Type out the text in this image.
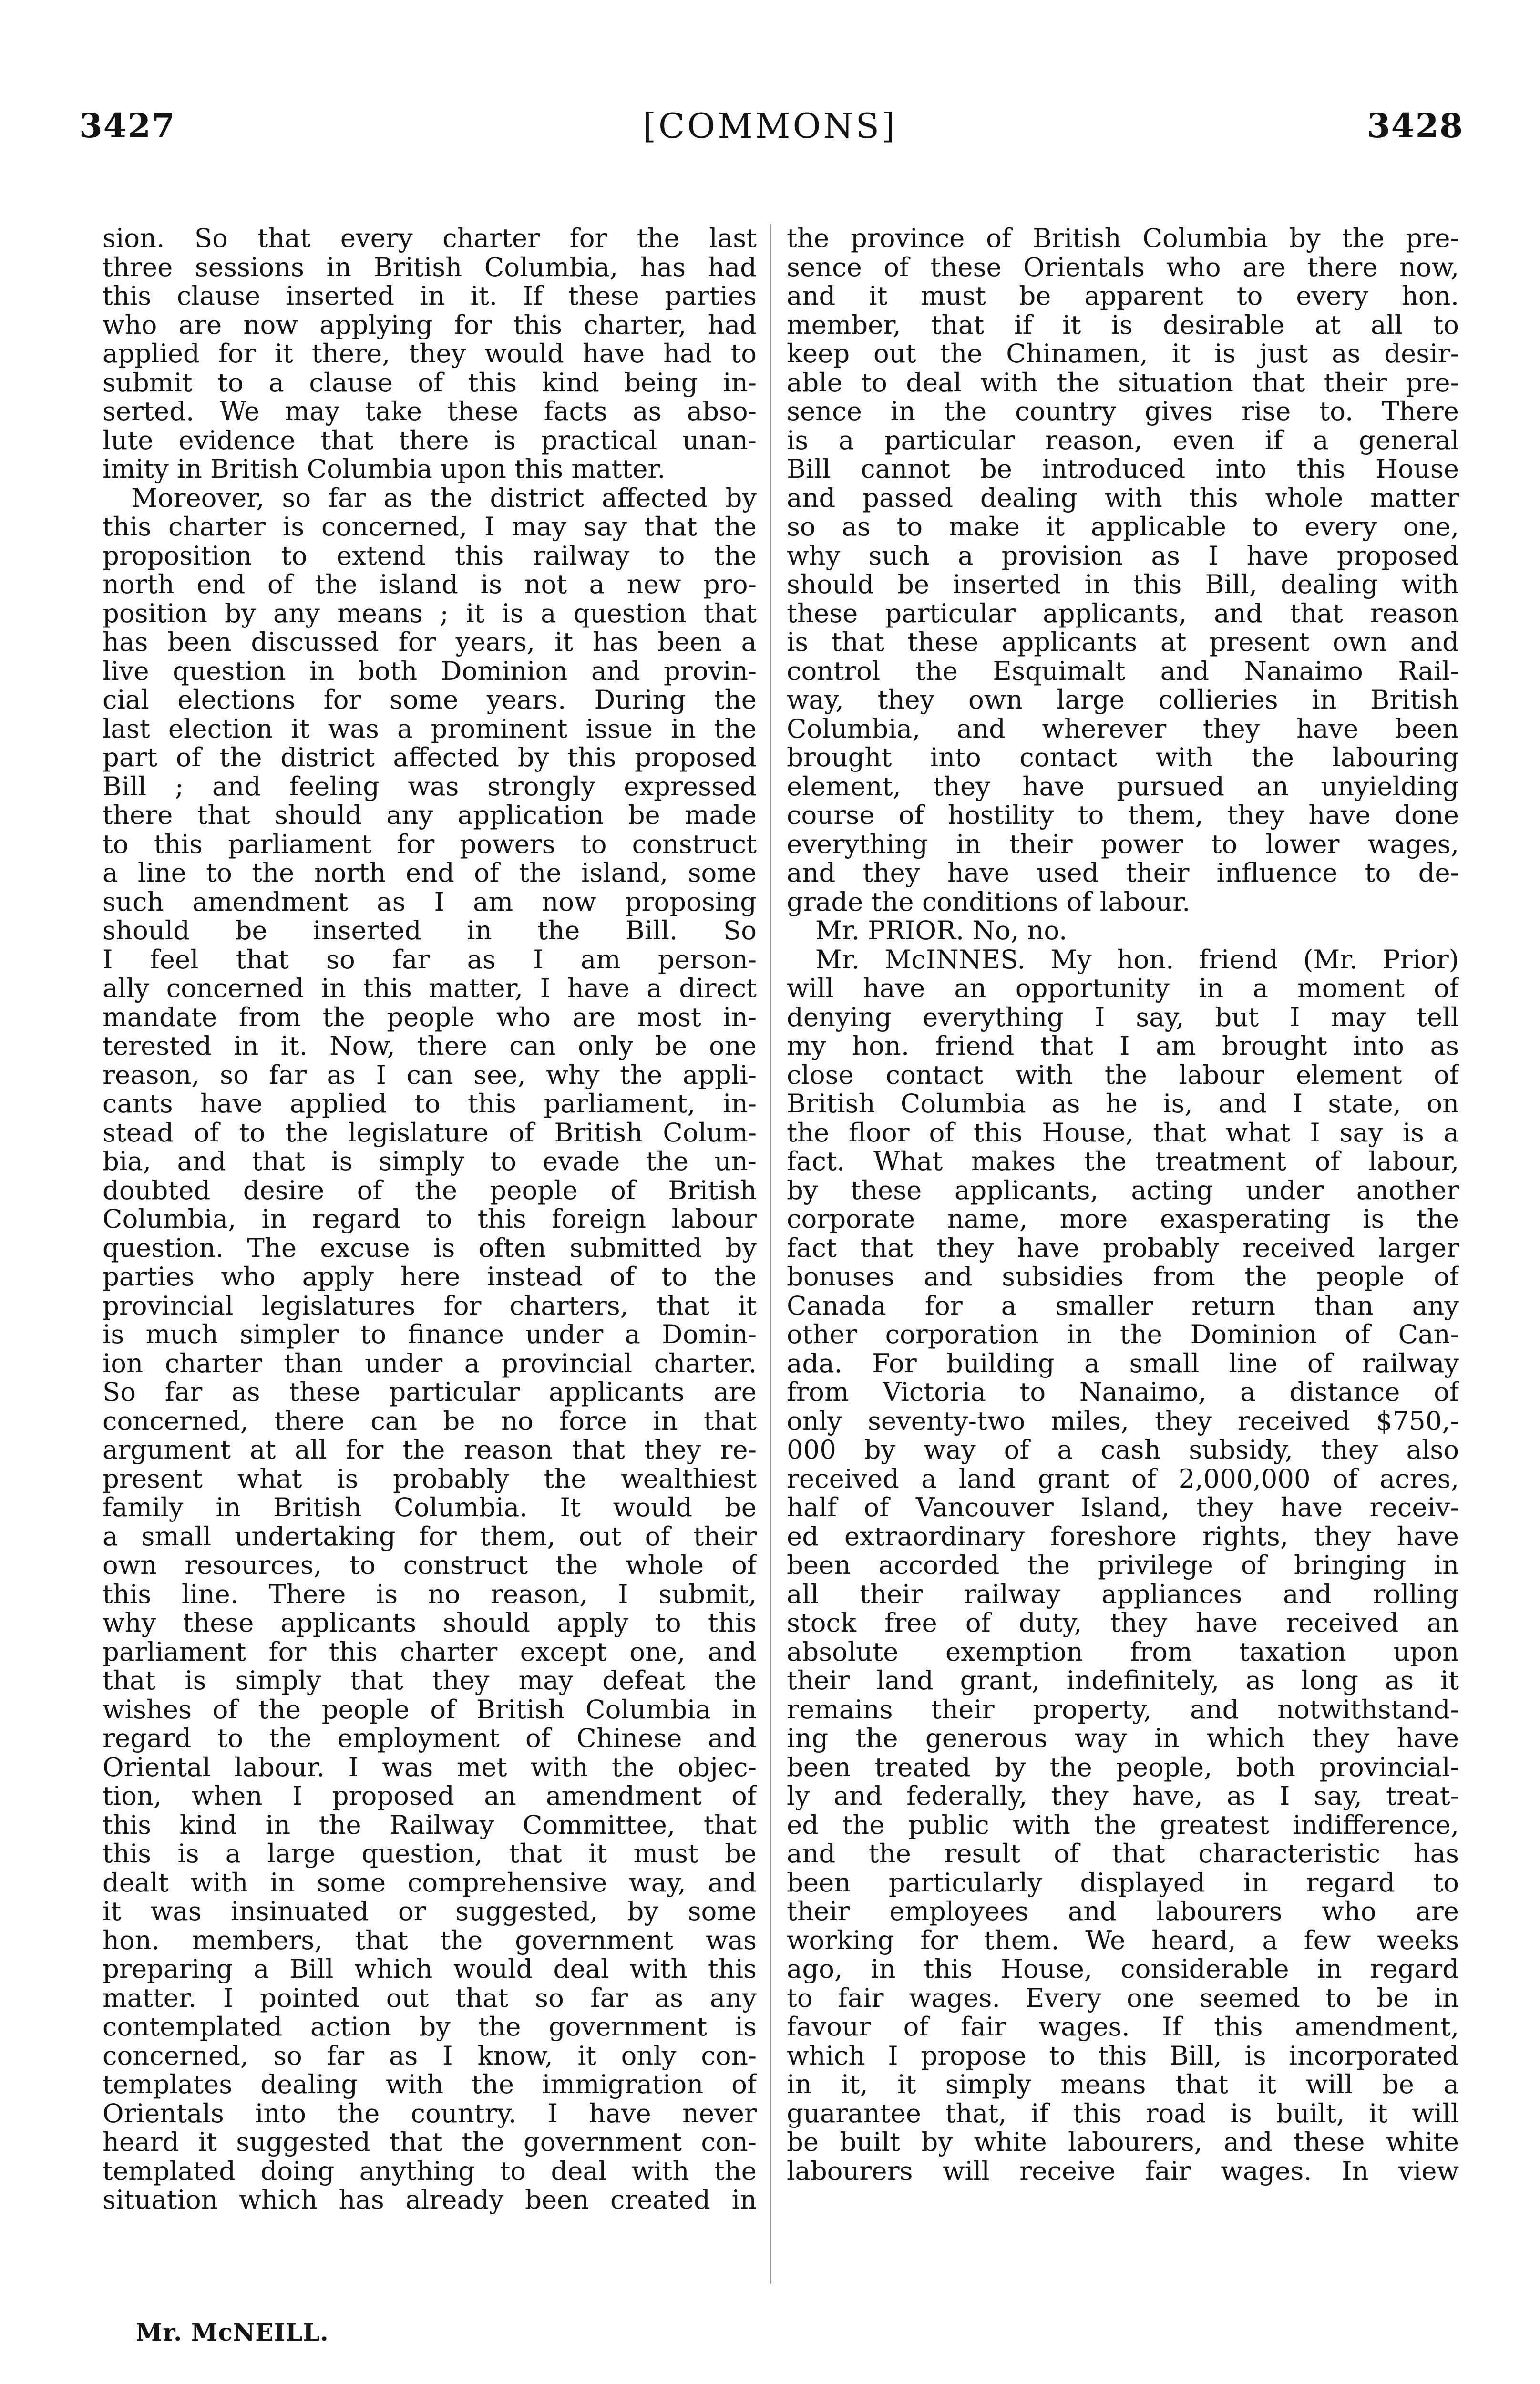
3427	[COMMONS]	3428
sion. So that every charter for the last
three sessions in British Columbia, has had
this clause inserted in it. If these parties
who are now applying for this charter, had
applied for it there, they would have had to
submit to a clause of this kind being in-
serted. We may take these facts as abso-
lute evidence that there is practical unan-
imity in British Columbia upon this matter.
Moreover, so far as the district affected by
this charter is concerned, I may say that the
proposition to extend this railway to the
north end of the island is not a new pro-
position by any means ; it is a question that
has been discussed for years, it has been a
live question in both Dominion and provin-
cial elections for some years. During the
last election it was a prominent issue in the
part of the district affected by this proposed
Bill ; and feeling was strongly expressed
there that should any application be made
to this parliament for powers to construct
a line to the north end of the island, some
such amendment as I am now proposing
should be inserted in the Bill. So
I feel that so far as I am person-
ally concerned in this matter, I have a direct
mandate from the people who are most in-
terested in it. Now, there can only be one
reason, so far as I can see, why the appli-
cants have applied to this parliament, in-
stead of to the legislature of British Colum-
bia, and that is simply to evade the un-
doubted desire of the people of British
Columbia, in regard to this foreign labour
question. The excuse is often submitted by
parties who apply here instead of to the
provincial legislatures for charters, that it
is much simpler to finance under a Domin-
ion charter than under a provincial charter.
So far as these particular applicants are
concerned, there can be no force in that
argument at all for the reason that they re-
present what is probably the wealthiest
family in British Columbia. It would be
a small undertaking for them, out of their
own resources, to construct the whole of
this line. There is no reason, I submit,
why these applicants should apply to this
parliament for this charter except one, and
that is simply that they may defeat the
wishes of the people of British Columbia in
regard to the employment of Chinese and
Oriental labour. I was met with the objec-
tion, when I proposed an amendment of
this kind in the Railway Committee, that
this is a large question, that it must be
dealt with in some comprehensive way, and
it was insinuated or suggested, by some
hon. members, that the government was
preparing a Bill which would deal with this
matter. I pointed out that so far as any
contemplated action by the government is
concerned, so far as I know, it only con-
templates dealing with the immigration of
Orientals into the country. I have never
heard it suggested that the government con-
templated doing anything to deal with the
situation which has already been created in
the province of British Columbia by the pre-
sence of these Orientals who are there now,
and it must be apparent to every hon.
member, that if it is desirable at all to
keep out the Chinamen, it is just as desir-
able to deal with the situation that their pre-
sence in the country gives rise to. There
is a particular reason, even if a general
Bill cannot be introduced into this House
and passed dealing with this whole matter
so as to make it applicable to every one,
why such a provision as I have proposed
should be inserted in this Bill, dealing with
these particular applicants, and that reason
is that these applicants at present own and
control the Esquimalt and Nanaimo Rail-
way, they own large collieries in British
Columbia, and wherever they have been
brought into contact with the labouring
element, they have pursued an unyielding
course of hostility to them, they have done
everything in their power to lower wages,
and they have used their influence to de-
grade the conditions of labour.
Mr. PRIOR. No, no.
Mr. McINNES. My hon. friend (Mr. Prior)
will have an opportunity in a moment of
denying everything I say, but I may tell
my hon. friend that I am brought into as
close contact with the labour element of
British Columbia as he is, and I state, on
the floor of this House, that what I say is a
fact. What makes the treatment of labour,
by these applicants, acting under another
corporate name, more exasperating is the
fact that they have probably received larger
bonuses and subsidies from the people of
Canada for a smaller return than any
other corporation in the Dominion of Can-
ada. For building a small line of railway
from Victoria to Nanaimo, a distance of
only seventy-two miles, they received $750,-
000 by way of a cash subsidy, they also
received a land grant of 2,000,000 of acres,
half of Vancouver Island, they have receiv-
ed extraordinary foreshore rights, they have
been accorded the privilege of bringing in
all their railway appliances and rolling
stock free of duty, they have received an
absolute exemption from taxation upon
their land grant, indefinitely, as long as it
remains their property, and notwithstand-
ing the generous way in which they have
been treated by the people, both provincial-
ly and federally, they have, as I say, treat-
ed the public with the greatest indifference,
and the result of that characteristic has
been particularly displayed in regard to
their employees and labourers who are
working for them. We heard, a few weeks
ago, in this House, considerable in regard
to fair wages. Every one seemed to be in
favour of fair wages. If this amendment,
which I propose to this Bill, is incorporated
in it, it simply means that it will be a
guarantee that, if this road is built, it will
be built by white labourers, and these white
labourers will receive fair wages. In view
Mr. McNEILL.
